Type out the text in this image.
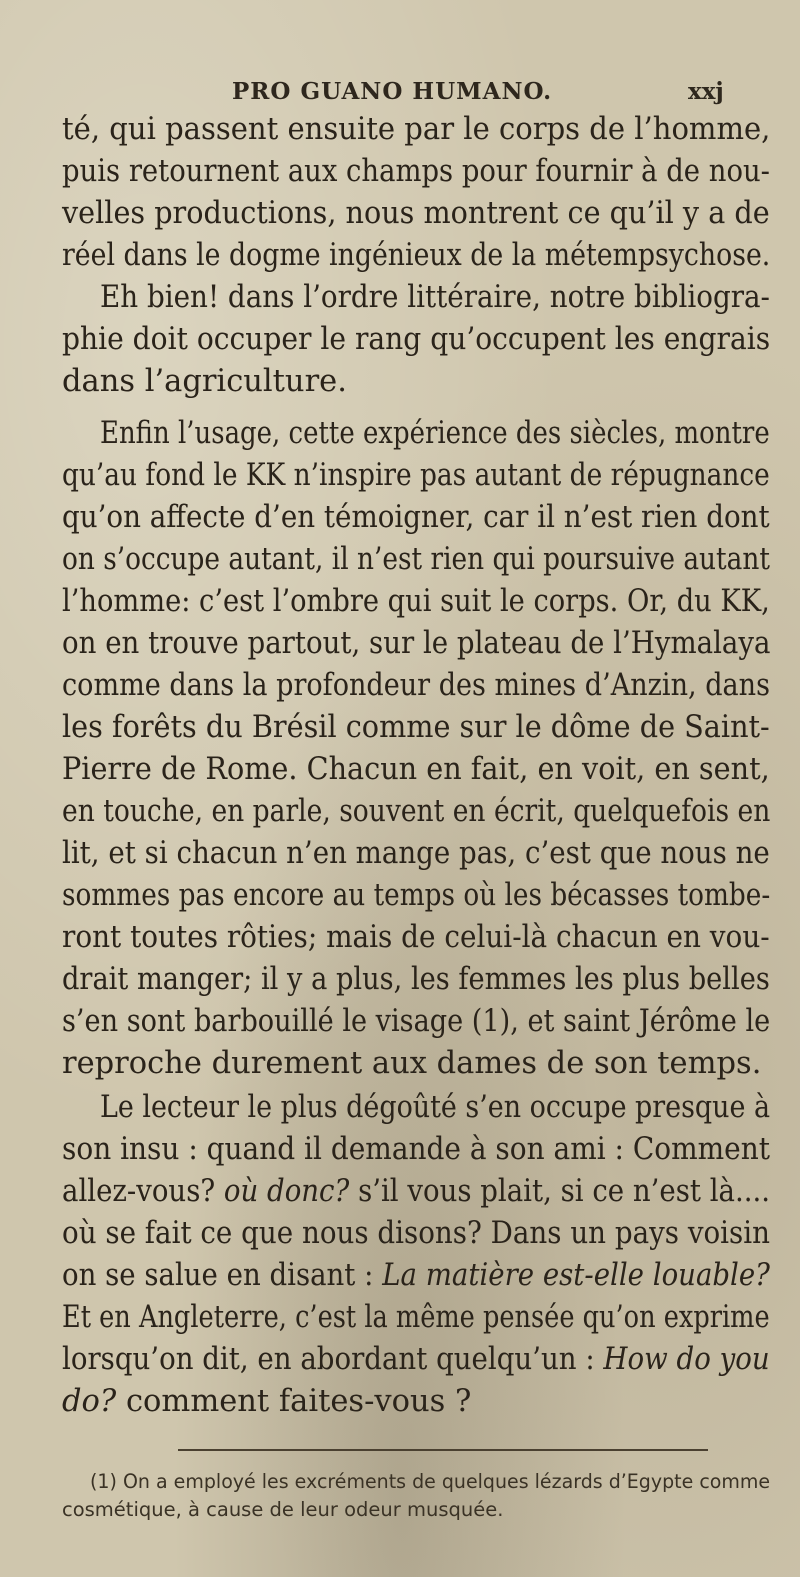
PRO GUANO HUMANO.	xxj
té, qui passent ensuite par le corps de l’homme,
puis retournent aux champs pour fournir à de nou-
velles productions, nous montrent ce qu’il y a de
réel dans le dogme ingénieux de la métempsychose.
Eh bien! dans l’ordre littéraire, notre bibliogra-
phie doit occuper le rang qu’occupent les engrais
dans l’agriculture.
Enfin l’usage, cette expérience des siècles, montre
qu’au fond le KK n’inspire pas autant de répugnance
qu’on affecte d’en témoigner, car il n’est rien dont
on s’occupe autant, il n’est rien qui poursuive autant
l’homme: c’est l’ombre qui suit le corps. Or, du KK,
on en trouve partout, sur le plateau de l’Hymalaya
comme dans la profondeur des mines d’Anzin, dans
les forêts du Brésil comme sur le dôme de Saint-
Pierre de Rome. Chacun en fait, en voit, en sent,
en touche, en parle, souvent en écrit, quelquefois en
lit, et si chacun n’en mange pas, c’est que nous ne
sommes pas encore au temps où les bécasses tombe-
ront toutes rôties; mais de celui-là chacun en vou-
drait manger; il y a plus, les femmes les plus belles
s’en sont barbouillé le visage (1), et saint Jérôme le
reproche durement aux dames de son temps.
Le lecteur le plus dégoûté s’en occupe presque à
son insu : quand il demande à son ami : Comment
allez-vous? où donc? s’il vous plait, si ce n’est là....
où se fait ce que nous disons? Dans un pays voisin
on se salue en disant : La matière est-elle louable?
Et en Angleterre, c’est la même pensée qu’on exprime
lorsqu’on dit, en abordant quelqu’un : How do you
do? comment faites-vous ?
(1) On a employé les excréments de quelques lézards d’Egypte comme
cosmétique, à cause de leur odeur musquée.
